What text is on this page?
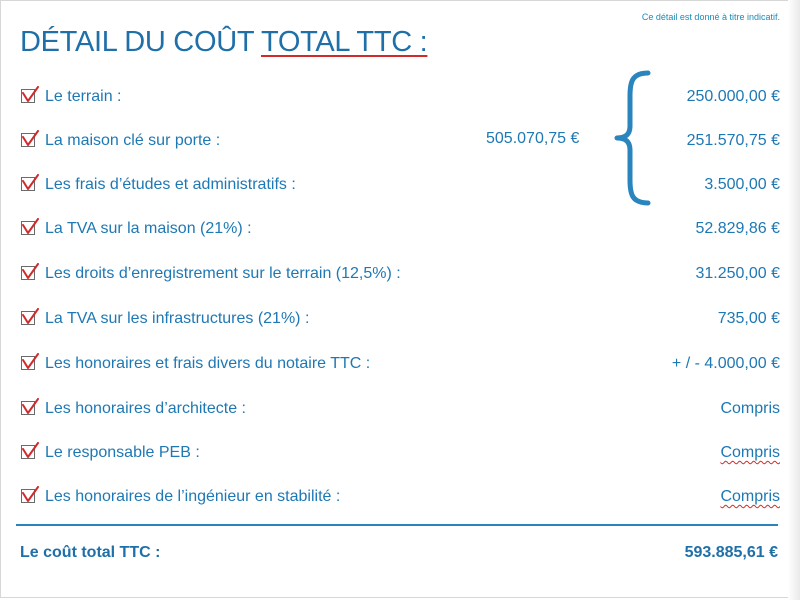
Ce détail est donné à titre indicatif.
DÉTAIL DU COÛT TOTAL TTC :
Le terrain :	250.000,00 €
La maison clé sur porte :	251.570,75 €
Les frais d’études et administratifs :	3.500,00 €
La TVA sur la maison (21%) :	52.829,86 €
Les droits d’enregistrement sur le terrain (12,5%) :	31.250,00 €
La TVA sur les infrastructures (21%) :	735,00 €
Les honoraires et frais divers du notaire TTC :	+ / - 4.000,00 €
Les honoraires d’architecte :	Compris
Le responsable PEB :	Compris
Les honoraires de l’ingénieur en stabilité :	Compris
505.070,75 €
Le coût total TTC :	593.885,61 €
